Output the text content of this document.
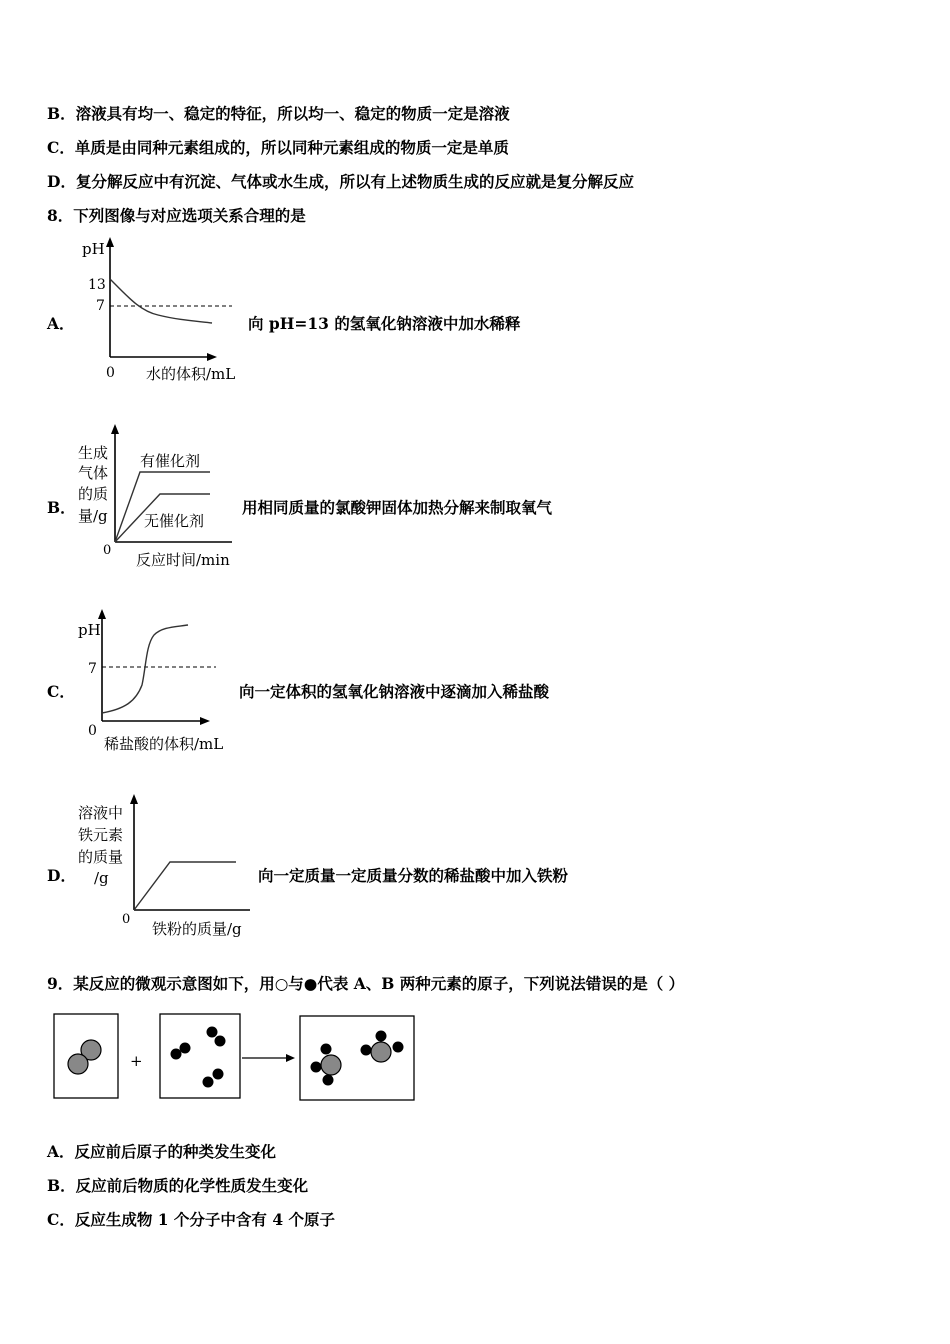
B．溶液具有均一、稳定的特征，所以均一、稳定的物质一定是溶液
C．单质是由同种元素组成的，所以同种元素组成的物质一定是单质
D．复分解反应中有沉淀、气体或水生成，所以有上述物质生成的反应就是复分解反应
8．下列图像与对应选项关系合理的是
A．
pH
13
7
0 水的体积/mL
向 pH=13 的氢氧化钠溶液中加水稀释
B．
生成
气体
的质
量/g
有催化剂
无催化剂
0
反应时间/min
用相同质量的氯酸钾固体加热分解来制取氧气
C．
pH
7
0
稀盐酸的体积/mL
向一定体积的氢氧化钠溶液中逐滴加入稀盐酸
D．
溶液中
铁元素
的质量
/g
0
铁粉的质量/g
向一定质量一定质量分数的稀盐酸中加入铁粉
9．某反应的微观示意图如下，用○与●代表 A、B 两种元素的原子，下列说法错误的是（ ）
+
A．反应前后原子的种类发生变化
B．反应前后物质的化学性质发生变化
C．反应生成物 1 个分子中含有 4 个原子
